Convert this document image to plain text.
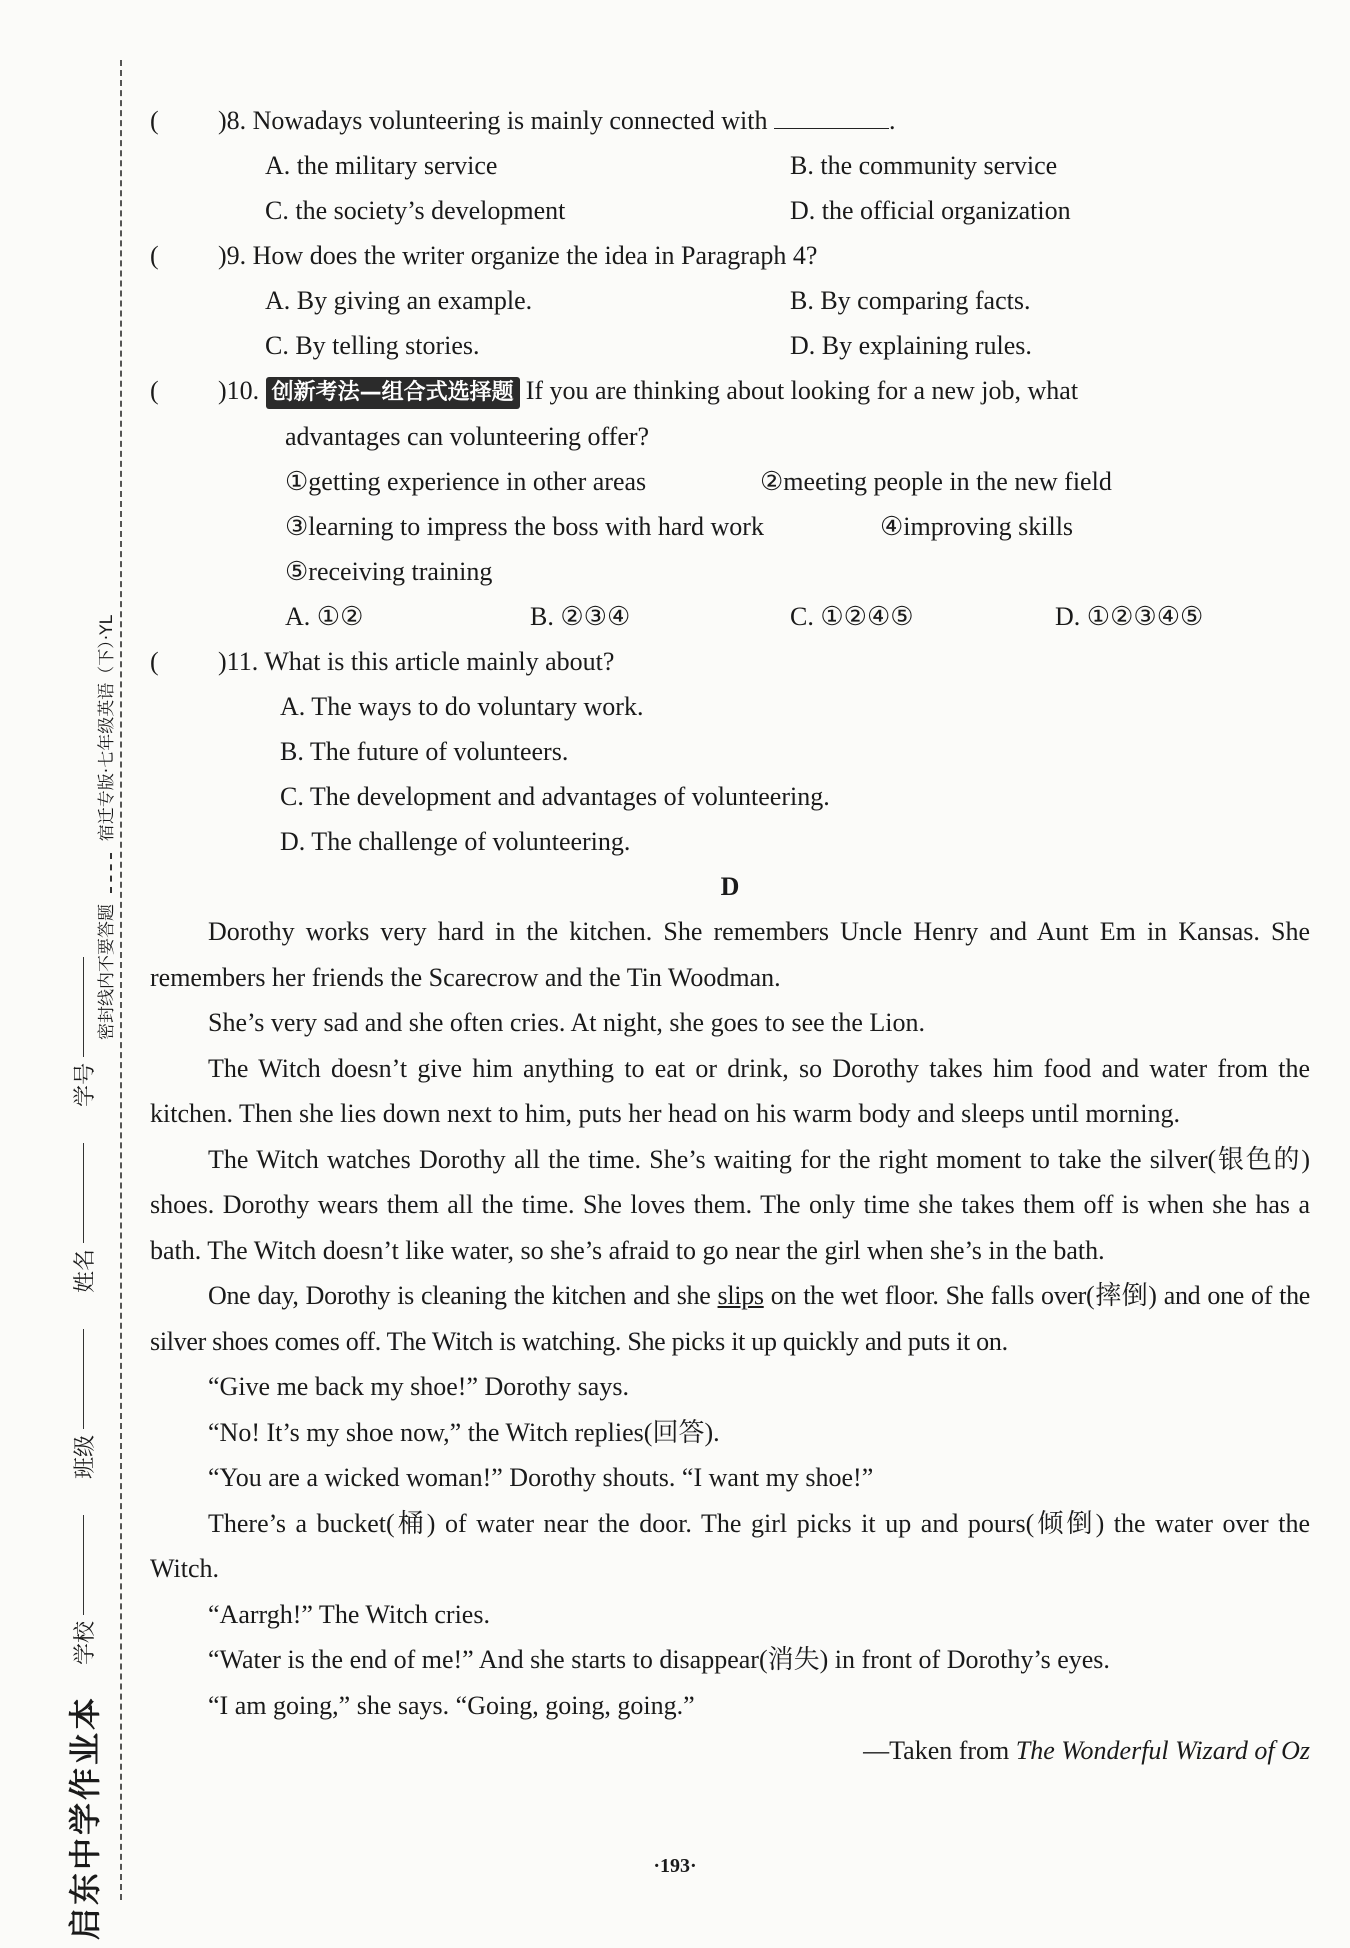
启东中学作业本
学校
班级
姓名
学号
密封线内不要答题  宿迁专版·七年级英语（下）·YL
( )8. Nowadays volunteering is mainly connected with	.
A. the military service	B. the community service
C. the society’s development	D. the official organization
( )9. How does the writer organize the idea in Paragraph 4?
A. By giving an example.	B. By comparing facts.
C. By telling stories.	D. By explaining rules.
( )10. 创新考法—组合式选择题 If you are thinking about looking for a new job, what
advantages can volunteering offer?
①getting experience in other areas	②meeting people in the new field
③learning to impress the boss with hard work	④improving skills
⑤receiving training
A. ①②	B. ②③④	C. ①②④⑤	D. ①②③④⑤
( )11. What is this article mainly about?
A. The ways to do voluntary work.
B. The future of volunteers.
C. The development and advantages of volunteering.
D. The challenge of volunteering.
D

Dorothy works very hard in the kitchen. She remembers Uncle Henry and Aunt Em in Kansas. She remembers her friends the Scarecrow and the Tin Woodman.

She’s very sad and she often cries. At night, she goes to see the Lion.

The Witch doesn’t give him anything to eat or drink, so Dorothy takes him food and water from the kitchen. Then she lies down next to him, puts her head on his warm body and sleeps until morning.

The Witch watches Dorothy all the time. She’s waiting for the right moment to take the silver(银色的) shoes. Dorothy wears them all the time. She loves them. The only time she takes them off is when she has a bath. The Witch doesn’t like water, so she’s afraid to go near the girl when she’s in the bath.

One day, Dorothy is cleaning the kitchen and she slips on the wet floor. She falls over(摔倒) and one of the silver shoes comes off. The Witch is watching. She picks it up quickly and puts it on.

“Give me back my shoe!” Dorothy says.

“No! It’s my shoe now,” the Witch replies(回答).

“You are a wicked woman!” Dorothy shouts. “I want my shoe!”

There’s a bucket(桶) of water near the door. The girl picks it up and pours(倾倒) the water over the Witch.

“Aarrgh!” The Witch cries.

“Water is the end of me!” And she starts to disappear(消失) in front of Dorothy’s eyes.

“I am going,” she says. “Going, going, going.”

—Taken from The Wonderful Wizard of Oz
·193·
